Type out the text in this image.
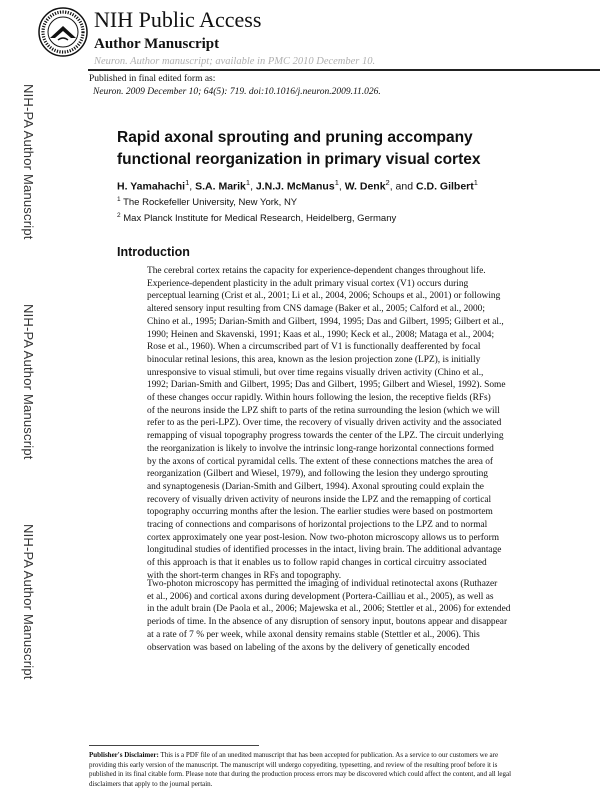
NIH Public Access
Author Manuscript
Neuron. Author manuscript; available in PMC 2010 December 10.
Published in final edited form as:
Neuron. 2009 December 10; 64(5): 719. doi:10.1016/j.neuron.2009.11.026.
NIH-PA Author Manuscript
NIH-PA Author Manuscript
NIH-PA Author Manuscript
Rapid axonal sprouting and pruning accompany functional reorganization in primary visual cortex
H. Yamahachi$^1$, S.A. Marik$^1$, J.N.J. McManus$^1$, W. Denk$^2$, and C.D. Gilbert$^1$
$^1$ The Rockefeller University, New York, NY
$^2$ Max Planck Institute for Medical Research, Heidelberg, Germany
Introduction

The cerebral cortex retains the capacity for experience-dependent changes throughout life.
Experience-dependent plasticity in the adult primary visual cortex (V1) occurs during
perceptual learning (Crist et al., 2001; Li et al., 2004, 2006; Schoups et al., 2001) or following
altered sensory input resulting from CNS damage (Baker et al., 2005; Calford et al., 2000;
Chino et al., 1995; Darian-Smith and Gilbert, 1994, 1995; Das and Gilbert, 1995; Gilbert et al.,
1990; Heinen and Skavenski, 1991; Kaas et al., 1990; Keck et al., 2008; Mataga et al., 2004;
Rose et al., 1960). When a circumscribed part of V1 is functionally deafferented by focal
binocular retinal lesions, this area, known as the lesion projection zone (LPZ), is initially
unresponsive to visual stimuli, but over time regains visually driven activity (Chino et al.,
1992; Darian-Smith and Gilbert, 1995; Das and Gilbert, 1995; Gilbert and Wiesel, 1992). Some
of these changes occur rapidly. Within hours following the lesion, the receptive fields (RFs)
of the neurons inside the LPZ shift to parts of the retina surrounding the lesion (which we will
refer to as the peri-LPZ). Over time, the recovery of visually driven activity and the associated
remapping of visual topography progress towards the center of the LPZ. The circuit underlying
the reorganization is likely to involve the intrinsic long-range horizontal connections formed
by the axons of cortical pyramidal cells. The extent of these connections matches the area of
reorganization (Gilbert and Wiesel, 1979), and following the lesion they undergo sprouting
and synaptogenesis (Darian-Smith and Gilbert, 1994). Axonal sprouting could explain the
recovery of visually driven activity of neurons inside the LPZ and the remapping of cortical
topography occurring months after the lesion. The earlier studies were based on postmortem
tracing of connections and comparisons of horizontal projections to the LPZ and to normal
cortex approximately one year post-lesion. Now two-photon microscopy allows us to perform
longitudinal studies of identified processes in the intact, living brain. The additional advantage
of this approach is that it enables us to follow rapid changes in cortical circuitry associated
with the short-term changes in RFs and topography.

Two-photon microscopy has permitted the imaging of individual retinotectal axons (Ruthazer
et al., 2006) and cortical axons during development (Portera-Cailliau et al., 2005), as well as
in the adult brain (De Paola et al., 2006; Majewska et al., 2006; Stettler et al., 2006) for extended
periods of time. In the absence of any disruption of sensory input, boutons appear and disappear
at a rate of 7 % per week, while axonal density remains stable (Stettler et al., 2006). This
observation was based on labeling of the axons by the delivery of genetically encoded

Publisher's Disclaimer: This is a PDF file of an unedited manuscript that has been accepted for publication. As a service to our customers we are providing this early version of the manuscript. The manuscript will undergo copyediting, typesetting, and review of the resulting proof before it is published in its final citable form. Please note that during the production process errors may be discovered which could affect the content, and all legal disclaimers that apply to the journal pertain.
